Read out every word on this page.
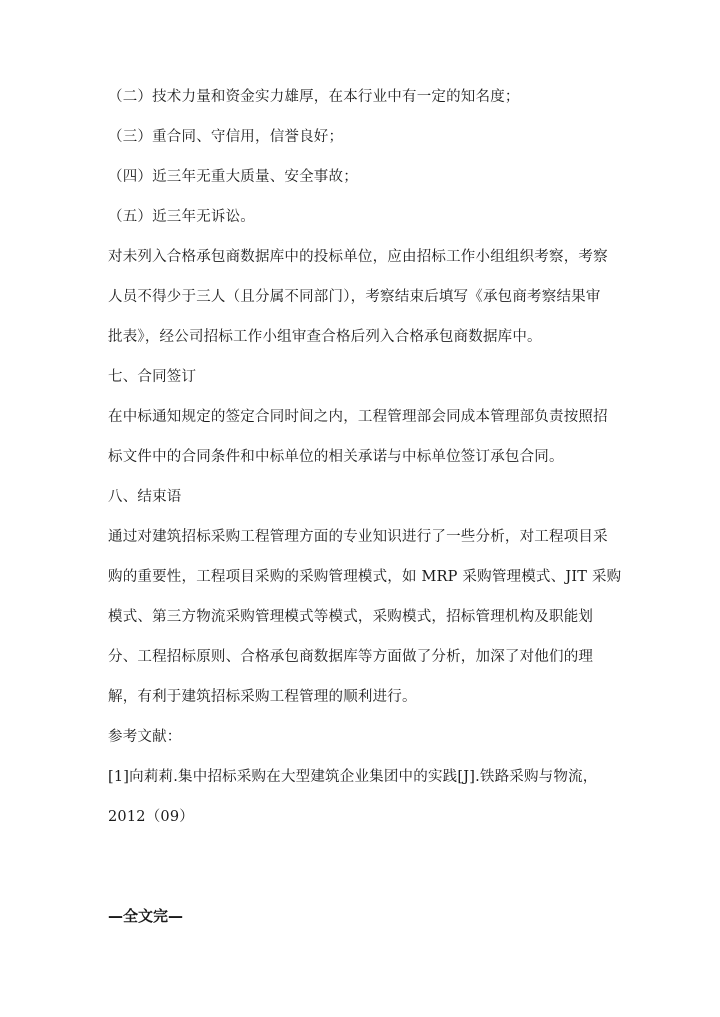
（二）技术力量和资金实力雄厚，在本行业中有一定的知名度；
（三）重合同、守信用，信誉良好；
（四）近三年无重大质量、安全事故；
（五）近三年无诉讼。
对未列入合格承包商数据库中的投标单位，应由招标工作小组组织考察，考察
人员不得少于三人（且分属不同部门），考察结束后填写《承包商考察结果审
批表》，经公司招标工作小组审查合格后列入合格承包商数据库中。
七、合同签订
在中标通知规定的签定合同时间之内，工程管理部会同成本管理部负责按照招
标文件中的合同条件和中标单位的相关承诺与中标单位签订承包合同。
八、结束语
通过对建筑招标采购工程管理方面的专业知识进行了一些分析，对工程项目采
购的重要性，工程项目采购的采购管理模式，如 MRP 采购管理模式、JIT 采购
模式、第三方物流采购管理模式等模式，采购模式，招标管理机构及职能划
分、工程招标原则、合格承包商数据库等方面做了分析，加深了对他们的理
解，有利于建筑招标采购工程管理的顺利进行。
参考文献：
[1]向莉莉.集中招标采购在大型建筑企业集团中的实践[J].铁路采购与物流，
2012（09）
—全文完—
